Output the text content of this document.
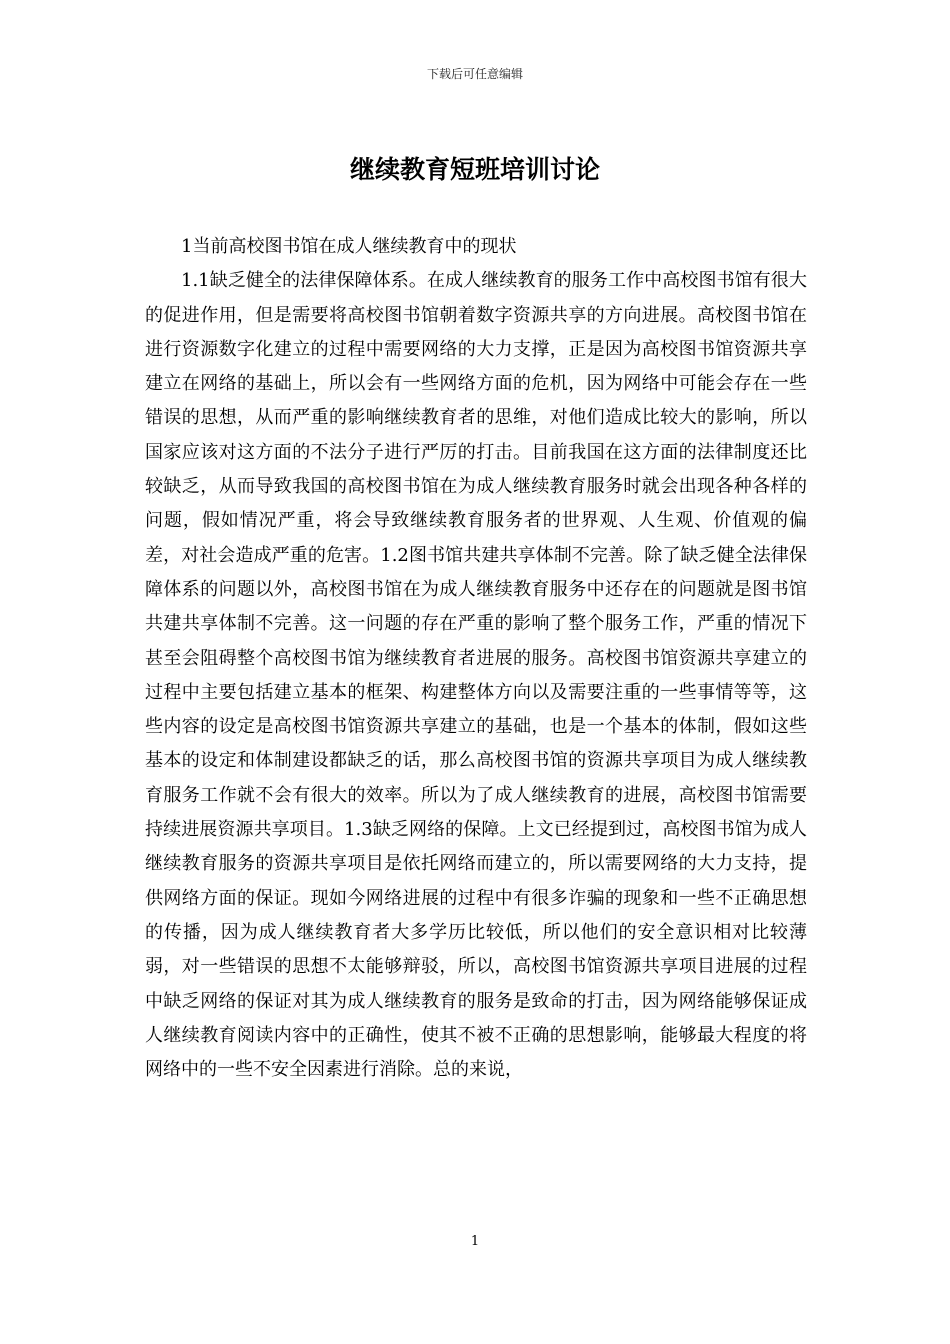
下载后可任意编辑
继续教育短班培训讨论

1当前高校图书馆在成人继续教育中的现状

1.1缺乏健全的法律保障体系。在成人继续教育的服务工作中高校图书馆有很大的促进作用，但是需要将高校图书馆朝着数字资源共享的方向进展。高校图书馆在进行资源数字化建立的过程中需要网络的大力支撑，正是因为高校图书馆资源共享建立在网络的基础上，所以会有一些网络方面的危机，因为网络中可能会存在一些错误的思想，从而严重的影响继续教育者的思维，对他们造成比较大的影响，所以国家应该对这方面的不法分子进行严厉的打击。目前我国在这方面的法律制度还比较缺乏，从而导致我国的高校图书馆在为成人继续教育服务时就会出现各种各样的问题，假如情况严重，将会导致继续教育服务者的世界观、人生观、价值观的偏差，对社会造成严重的危害。1.2图书馆共建共享体制不完善。除了缺乏健全法律保障体系的问题以外，高校图书馆在为成人继续教育服务中还存在的问题就是图书馆共建共享体制不完善。这一问题的存在严重的影响了整个服务工作，严重的情况下甚至会阻碍整个高校图书馆为继续教育者进展的服务。高校图书馆资源共享建立的过程中主要包括建立基本的框架、构建整体方向以及需要注重的一些事情等等，这些内容的设定是高校图书馆资源共享建立的基础，也是一个基本的体制，假如这些基本的设定和体制建设都缺乏的话，那么高校图书馆的资源共享项目为成人继续教育服务工作就不会有很大的效率。所以为了成人继续教育的进展，高校图书馆需要持续进展资源共享项目。1.3缺乏网络的保障。上文已经提到过，高校图书馆为成人继续教育服务的资源共享项目是依托网络而建立的，所以需要网络的大力支持，提供网络方面的保证。现如今网络进展的过程中有很多诈骗的现象和一些不正确思想的传播，因为成人继续教育者大多学历比较低，所以他们的安全意识相对比较薄弱，对一些错误的思想不太能够辩驳，所以，高校图书馆资源共享项目进展的过程中缺乏网络的保证对其为成人继续教育的服务是致命的打击，因为网络能够保证成人继续教育阅读内容中的正确性，使其不被不正确的思想影响，能够最大程度的将网络中的一些不安全因素进行消除。总的来说，

1
